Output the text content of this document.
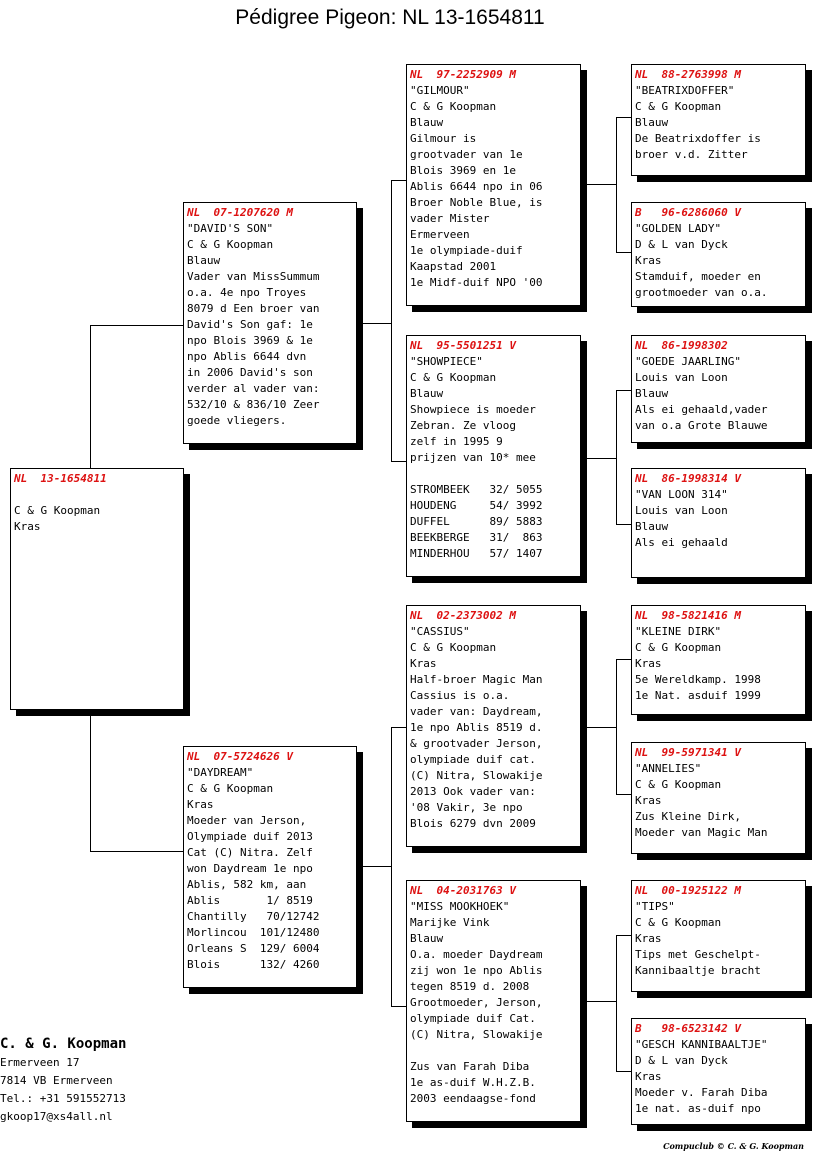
Pédigree Pigeon: NL 13-1654811
NL  13-1654811

C & G Koopman
Kras
NL  07-1207620 M
"DAVID'S SON"
C & G Koopman
Blauw
Vader van MissSummum
o.a. 4e npo Troyes
8079 d Een broer van
David's Son gaf: 1e
npo Blois 3969 & 1e
npo Ablis 6644 dvn
in 2006 David's son
verder al vader van:
532/10 & 836/10 Zeer
goede vliegers.
NL  07-5724626 V
"DAYDREAM"
C & G Koopman
Kras
Moeder van Jerson,
Olympiade duif 2013
Cat (C) Nitra. Zelf
won Daydream 1e npo
Ablis, 582 km, aan
Ablis       1/ 8519
Chantilly   70/12742
Morlincou  101/12480
Orleans S  129/ 6004
Blois      132/ 4260
NL  97-2252909 M
"GILMOUR"
C & G Koopman
Blauw
Gilmour is
grootvader van 1e
Blois 3969 en 1e
Ablis 6644 npo in 06
Broer Noble Blue, is
vader Mister
Ermerveen
1e olympiade-duif
Kaapstad 2001
1e Midf-duif NPO '00
NL  95-5501251 V
"SHOWPIECE"
C & G Koopman
Blauw
Showpiece is moeder
Zebran. Ze vloog
zelf in 1995 9
prijzen van 10* mee

STROMBEEK   32/ 5055
HOUDENG     54/ 3992
DUFFEL      89/ 5883
BEEKBERGE   31/  863
MINDERHOU   57/ 1407
NL  02-2373002 M
"CASSIUS"
C & G Koopman
Kras
Half-broer Magic Man
Cassius is o.a.
vader van: Daydream,
1e npo Ablis 8519 d.
& grootvader Jerson,
olympiade duif cat.
(C) Nitra, Slowakije
2013 Ook vader van:
'08 Vakir, 3e npo
Blois 6279 dvn 2009
NL  04-2031763 V
"MISS MOOKHOEK"
Marijke Vink
Blauw
O.a. moeder Daydream
zij won 1e npo Ablis
tegen 8519 d. 2008
Grootmoeder, Jerson,
olympiade duif Cat.
(C) Nitra, Slowakije

Zus van Farah Diba
1e as-duif W.H.Z.B.
2003 eendaagse-fond
NL  88-2763998 M
"BEATRIXDOFFER"
C & G Koopman
Blauw
De Beatrixdoffer is
broer v.d. Zitter
B   96-6286060 V
"GOLDEN LADY"
D & L van Dyck
Kras
Stamduif, moeder en
grootmoeder van o.a.
NL  86-1998302
"GOEDE JAARLING"
Louis van Loon
Blauw
Als ei gehaald,vader
van o.a Grote Blauwe
NL  86-1998314 V
"VAN LOON 314"
Louis van Loon
Blauw
Als ei gehaald
NL  98-5821416 M
"KLEINE DIRK"
C & G Koopman
Kras
5e Wereldkamp. 1998
1e Nat. asduif 1999
NL  99-5971341 V
"ANNELIES"
C & G Koopman
Kras
Zus Kleine Dirk,
Moeder van Magic Man
NL  00-1925122 M
"TIPS"
C & G Koopman
Kras
Tips met Geschelpt-
Kannibaaltje bracht
B   98-6523142 V
"GESCH KANNIBAALTJE"
D & L van Dyck
Kras
Moeder v. Farah Diba
1e nat. as-duif npo
C. & G. Koopman
Ermerveen 17
7814 VB Ermerveen
Tel.: +31 591552713
gkoop17@xs4all.nl
Compuclub © C. & G. Koopman
